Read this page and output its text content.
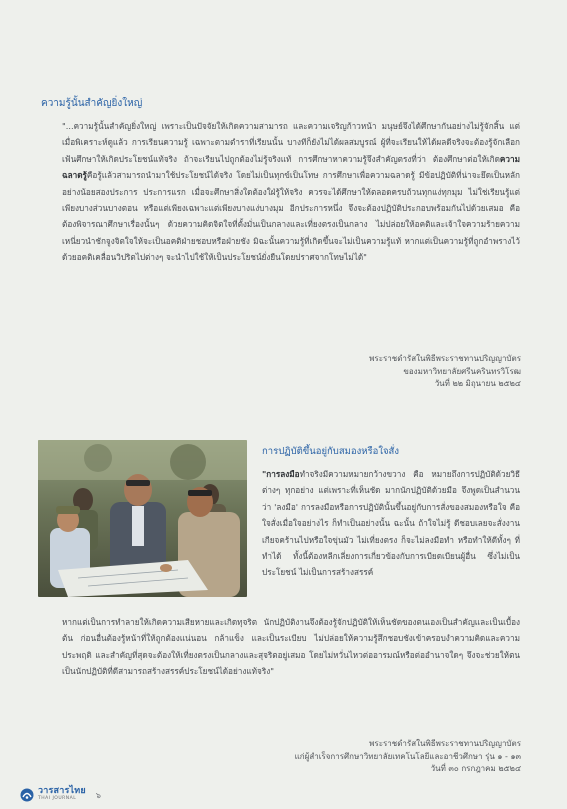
ความรู้นั้นสำคัญยิ่งใหญ่
"...ความรู้นั้นสำคัญยิ่งใหญ่ เพราะเป็นปัจจัยให้เกิดความสามารถ และความเจริญก้าวหน้า มนุษย์จึงได้ศึกษากันอย่างไม่รู้จักสิ้น แต่เมื่อพิเคราะห์ดูแล้ว การเรียนความรู้ เฉพาะตามตำราที่เรียนนั้น บางทีก็ยังไม่ได้ผลสมบูรณ์ ผู้ที่จะเรียนให้ได้ผลดีจริงจะต้องรู้จักเลือกเฟ้นศึกษาให้เกิดประโยชน์แท้จริง ถ้าจะเรียนไปถูกต้องไม่รู้จริงแท้ การศึกษาหาความรู้จึงสำคัญตรงที่ว่า ต้องศึกษาต่อให้เกิดความฉลาดรู้คือรู้แล้วสามารถนำมาใช้ประโยชน์ได้จริง โดยไม่เป็นทุกข์เป็นโทษ การศึกษาเพื่อความฉลาดรู้ มีข้อปฏิบัติที่น่าจะยึดเป็นหลักอย่างน้อยสองประการ ประการแรก เมื่อจะศึกษาสิ่งใดต้องใฝ่รู้ให้จริง ควรจะได้ศึกษาให้ตลอดครบถ้วนทุกแง่ทุกมุม ไม่ใช่เรียนรู้แต่เพียงบางส่วนบางตอน หรือแต่เพียงเฉพาะแต่เพียงบางแง่บางมุม อีกประการหนึ่ง จึงจะต้องปฏิบัติประกอบพร้อมกันไปด้วยเสมอ คือต้องพิจารณาศึกษาเรื่องนั้นๆ ด้วยความคิดจิตใจที่ตั้งมั่นเป็นกลางและเที่ยงตรงเป็นกลาง ไม่ปล่อยให้อคติและเจ้าใจความร้ายความเหนี่ยวนำชักจูงจิตใจให้จะเป็นอคติฝ่ายชอบหรือฝ่ายชัง มิฉะนั้นความรู้ที่เกิดขึ้นจะไม่เป็นความรู้แท้ หากแต่เป็นความรู้ที่ถูกอำพรางไว้ด้วยอคติเคลื่อนวิปริตไปต่างๆ จะนำไปใช้ให้เป็นประโยชน์ยั่งยืนโดยปราศจากโทษไม่ได้"
พระราชดำรัสในพิธีพระราชทานปริญญาบัตร
ของมหาวิทยาลัยศรีนครินทรวิโรฒ
วันที่ ๒๒ มิถุนายน ๒๕๒๔
การปฏิบัติขึ้นอยู่กับสมองหรือใจสั่ง
"การลงมือทำจริงมีความหมายกว้างขวาง คือ หมายถึงการปฏิบัติด้วยวิธีต่างๆ ทุกอย่าง แต่เพราะที่เห็นชัด มากนักปฏิบัติด้วยมือ จึงพูดเป็นสำนวนว่า 'ลงมือ' การลงมือหรือการปฏิบัตินั้นขึ้นอยู่กับการสั่งของสมองหรือใจ คือใจสั่งเมื่อใจอย่างไร ก็ทำเป็นอย่างนั้น ฉะนั้น ถ้าใจไม่รู้ ดีชอบเลยจะสั่งงาน เกียจคร้านไปหรือใจขุ่นมัว ไม่เที่ยงตรง ก็จะไม่ลงมือทำ หรือทำให้ดีทั้งๆ ที่ทำได้ ทั้งนี้ต้องหลีกเลี่ยงการเกี่ยวข้องกับการเบียดเบียนผู้อื่น ซึ่งไม่เป็นประโยชน์ ไม่เป็นการสร้างสรรค์
หากแต่เป็นการทำลายให้เกิดความเสียหายและเกิดทุจริต นักปฏิบัติงานจึงต้องรู้จักปฏิบัติให้เห็นชัดของตนเองเป็นสำคัญและเป็นเบื้องต้น ก่อนอื่นต้องรู้หน้าที่ให้ถูกต้องแน่นอน กล้าแข็ง และเป็นระเบียบ ไม่ปล่อยให้ความรู้สึกชอบชังเข้าครอบงำความคิดและความประพฤติ และสำคัญที่สุดจะต้องให้เที่ยงตรงเป็นกลางและสุจริตอยู่เสมอ โดยไม่หวั่นไหวต่ออารมณ์หรือต่ออำนาจใดๆ จึงจะช่วยให้ตนเป็นนักปฏิบัติที่ดีสามารถสร้างสรรค์ประโยชน์ได้อย่างแท้จริง"
พระราชดำรัสในพิธีพระราชทานปริญญาบัตร
แก่ผู้สำเร็จการศึกษาวิทยาลัยเทคโนโลยีและอาชีวศึกษา รุ่น ๑ - ๑๓
วันที่ ๓๐ กรกฎาคม ๒๕๒๔
วารสารไทย
THAI JOURNAL	๖
